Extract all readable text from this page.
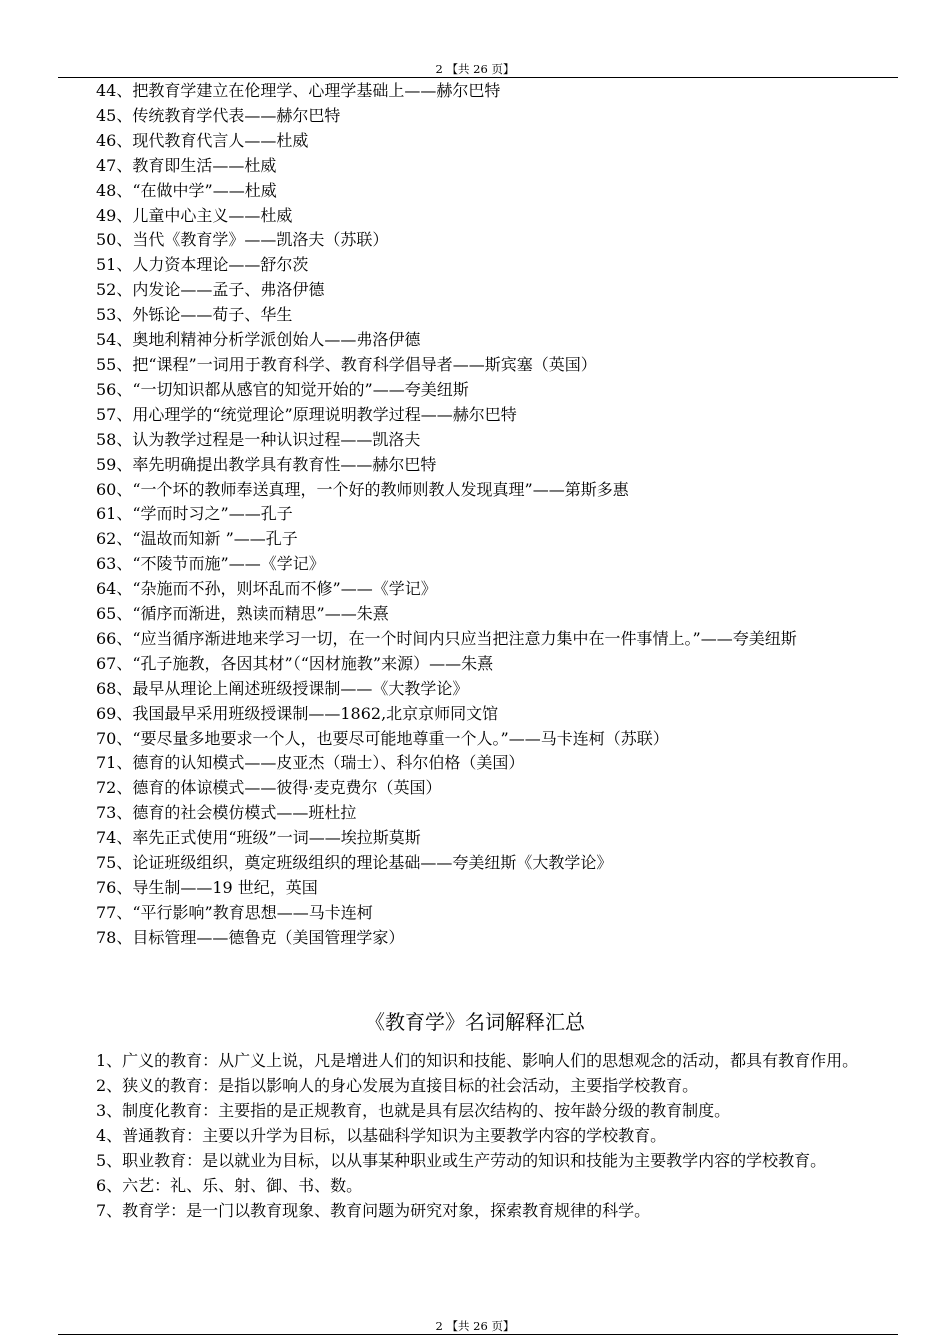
2 【共 26 页】

44、把教育学建立在伦理学、心理学基础上——赫尔巴特

45、传统教育学代表——赫尔巴特

46、现代教育代言人——杜威

47、教育即生活——杜威

48、“在做中学”——杜威

49、儿童中心主义——杜威

50、当代《教育学》——凯洛夫（苏联）

51、人力资本理论——舒尔茨

52、内发论——孟子、弗洛伊德

53、外铄论——荀子、华生

54、奥地利精神分析学派创始人——弗洛伊德

55、把“课程”一词用于教育科学、教育科学倡导者——斯宾塞（英国）

56、“一切知识都从感官的知觉开始的”——夸美纽斯

57、用心理学的“统觉理论”原理说明教学过程——赫尔巴特

58、认为教学过程是一种认识过程——凯洛夫

59、率先明确提出教学具有教育性——赫尔巴特

60、“一个坏的教师奉送真理，一个好的教师则教人发现真理”——第斯多惠

61、“学而时习之”——孔子

62、“温故而知新 ”——孔子

63、“不陵节而施”——《学记》

64、“杂施而不孙，则坏乱而不修”——《学记》

65、“循序而渐进，熟读而精思”——朱熹

66、“应当循序渐进地来学习一切，在一个时间内只应当把注意力集中在一件事情上。”——夸美纽斯

67、“孔子施教，各因其材”（“因材施教”来源）——朱熹

68、最早从理论上阐述班级授课制——《大教学论》

69、我国最早采用班级授课制——1862,北京京师同文馆

70、“要尽量多地要求一个人，也要尽可能地尊重一个人。”——马卡连柯（苏联）

71、德育的认知模式——皮亚杰（瑞士）、科尔伯格（美国）

72、德育的体谅模式——彼得·麦克费尔（英国）

73、德育的社会模仿模式——班杜拉

74、率先正式使用“班级”一词——埃拉斯莫斯

75、论证班级组织，奠定班级组织的理论基础——夸美纽斯《大教学论》

76、导生制——19 世纪，英国

77、“平行影响”教育思想——马卡连柯

78、目标管理——德鲁克（美国管理学家）

《教育学》名词解释汇总

1、广义的教育：从广义上说，凡是增进人们的知识和技能、影响人们的思想观念的活动，都具有教育作用。

2、狭义的教育：是指以影响人的身心发展为直接目标的社会活动，主要指学校教育。

3、制度化教育：主要指的是正规教育，也就是具有层次结构的、按年龄分级的教育制度。

4、普通教育：主要以升学为目标，以基础科学知识为主要教学内容的学校教育。

5、职业教育：是以就业为目标，以从事某种职业或生产劳动的知识和技能为主要教学内容的学校教育。

6、六艺：礼、乐、射、御、书、数。

7、教育学：是一门以教育现象、教育问题为研究对象，探索教育规律的科学。

2 【共 26 页】
